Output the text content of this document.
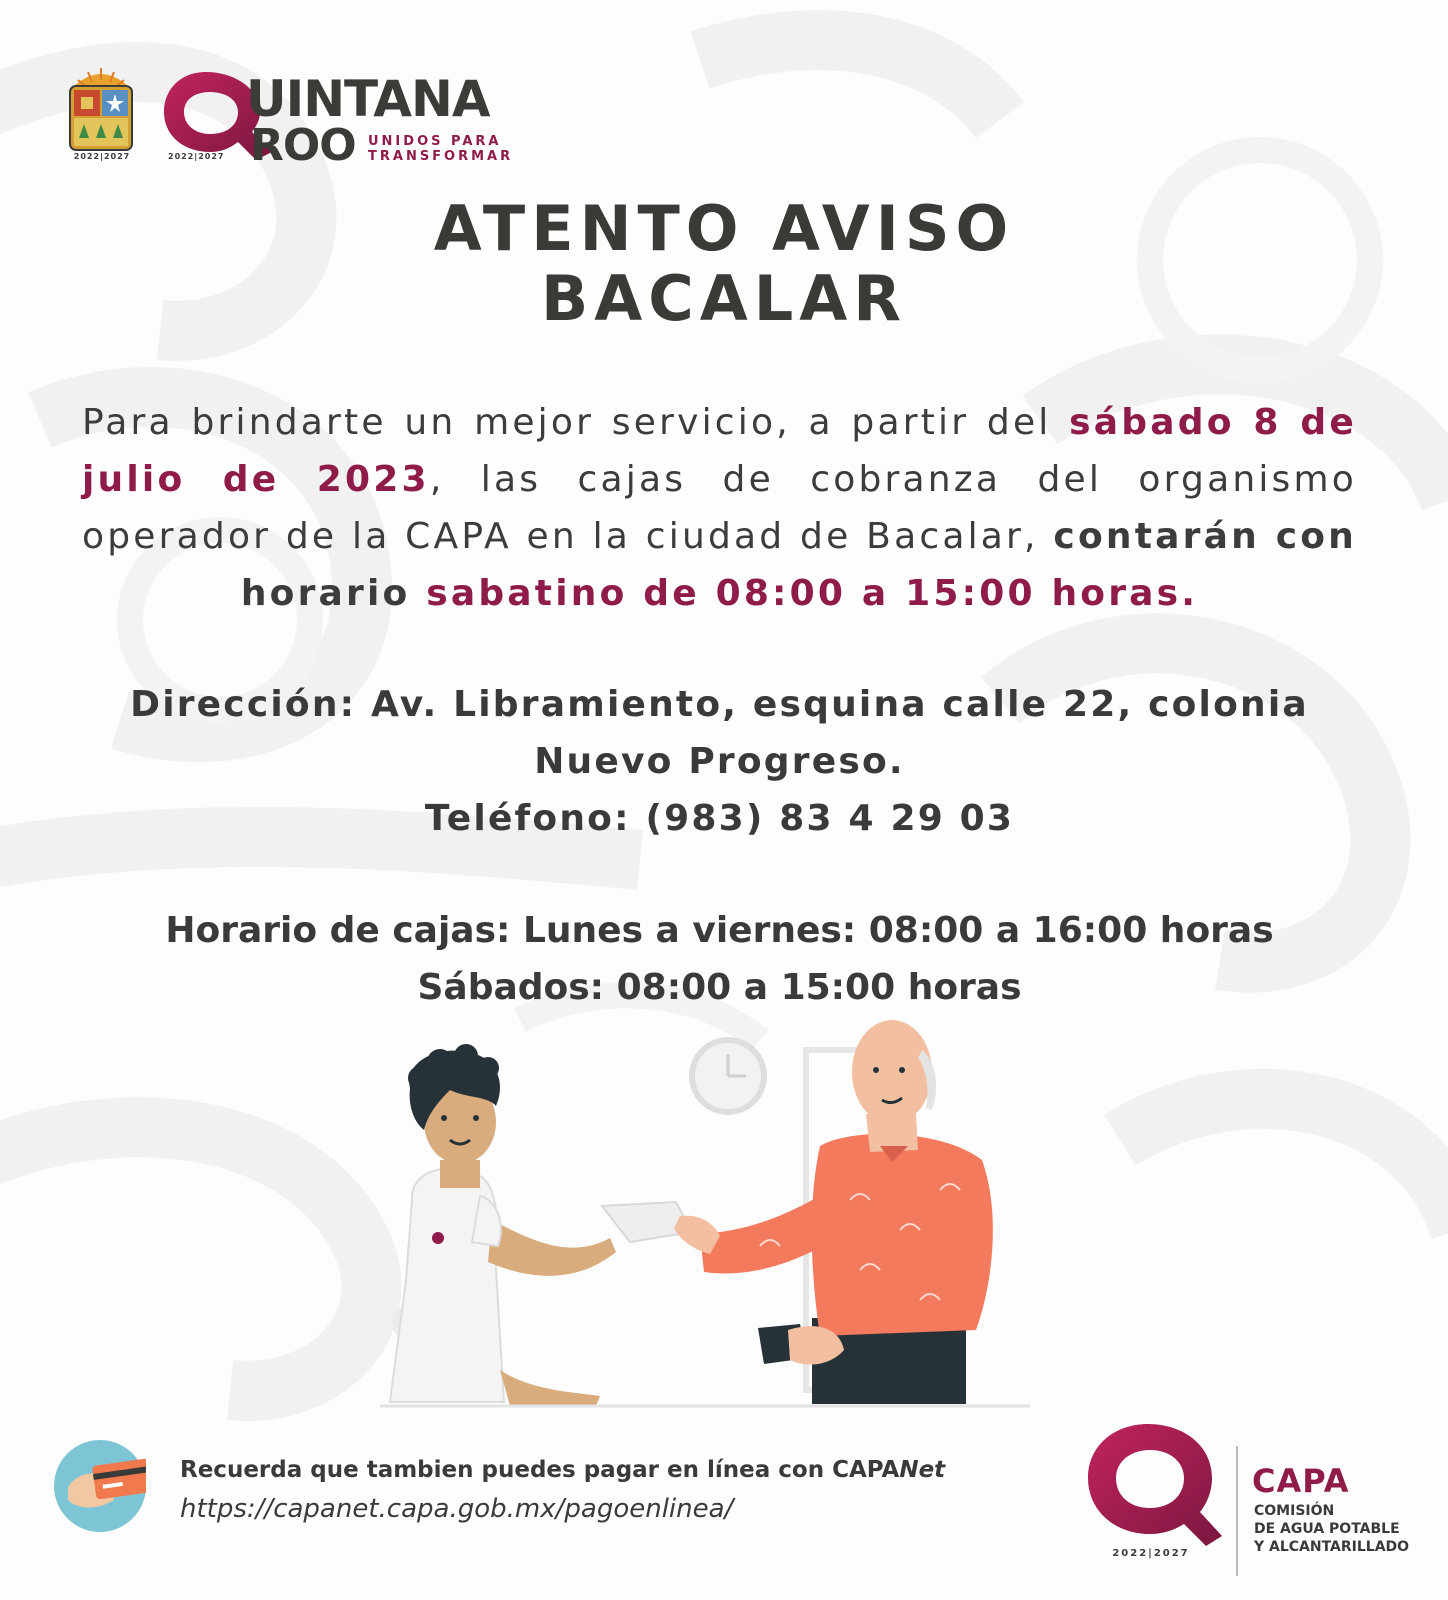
2022|2027
UINTANA
ROO UNIDOS PARA
TRANSFORMAR
2022|2027
ATENTO AVISO
BACALAR
Para brindarte un mejor servicio, a partir del sábado 8 de julio de 2023, las cajas de cobranza del organismo operador de la CAPA en la ciudad de Bacalar, contarán con horario sabatino de 08:00 a 15:00 horas.
Dirección: Av. Libramiento, esquina calle 22, colonia
Nuevo Progreso.
Teléfono: (983) 83 4 29 03
Horario de cajas: Lunes a viernes: 08:00 a 16:00 horas
Sábados: 08:00 a 15:00 horas
Recuerda que tambien puedes pagar en línea con CAPANet
https://capanet.capa.gob.mx/pagoenlinea/
2022|2027
CAPA
COMISIÓN
DE AGUA POTABLE
Y ALCANTARILLADO
